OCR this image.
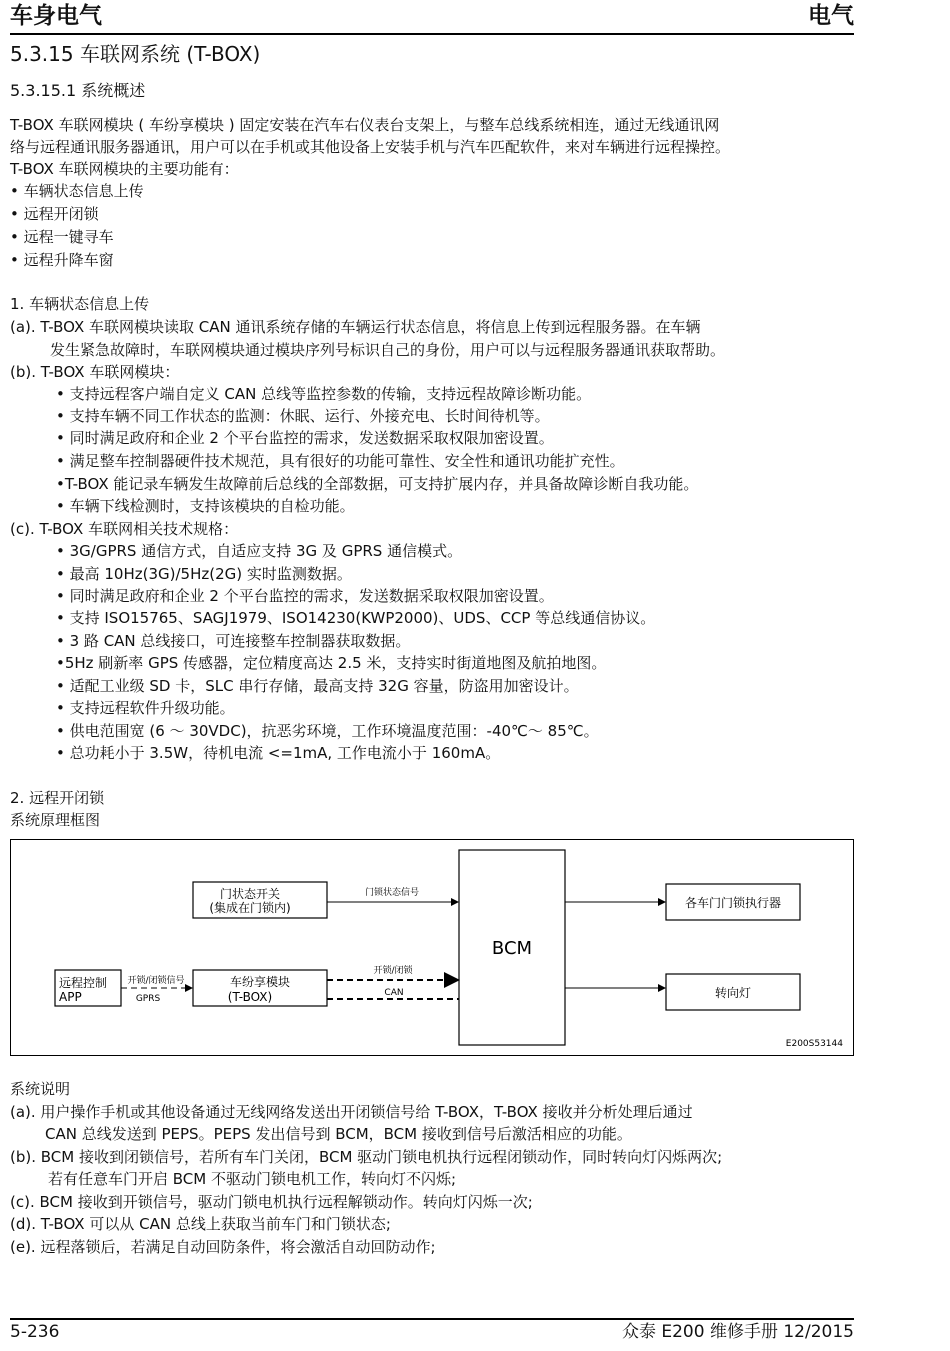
车身电气	电气
5.3.15 车联网系统 (T-BOX)
5.3.15.1 系统概述
T-BOX 车联网模块 ( 车纷享模块 ) 固定安装在汽车右仪表台支架上，与整车总线系统相连，通过无线通讯网
络与远程通讯服务器通讯，用户可以在手机或其他设备上安装手机与汽车匹配软件，来对车辆进行远程操控。
T-BOX 车联网模块的主要功能有：
• 车辆状态信息上传
• 远程开闭锁
• 远程一键寻车
• 远程升降车窗
1. 车辆状态信息上传
(a). T-BOX 车联网模块读取 CAN 通讯系统存储的车辆运行状态信息，将信息上传到远程服务器。在车辆
发生紧急故障时，车联网模块通过模块序列号标识自己的身份，用户可以与远程服务器通讯获取帮助。
(b). T-BOX 车联网模块：
• 支持远程客户端自定义 CAN 总线等监控参数的传输，支持远程故障诊断功能。
• 支持车辆不同工作状态的监测：休眠、运行、外接充电、长时间待机等。
• 同时满足政府和企业 2 个平台监控的需求，发送数据采取权限加密设置。
• 满足整车控制器硬件技术规范，具有很好的功能可靠性、安全性和通讯功能扩充性。
•T-BOX 能记录车辆发生故障前后总线的全部数据，可支持扩展内存，并具备故障诊断自我功能。
• 车辆下线检测时，支持该模块的自检功能。
(c). T-BOX 车联网相关技术规格：
• 3G/GPRS 通信方式，自适应支持 3G 及 GPRS 通信模式。
• 最高 10Hz(3G)/5Hz(2G) 实时监测数据。
• 同时满足政府和企业 2 个平台监控的需求，发送数据采取权限加密设置。
• 支持 ISO15765、SAGJ1979、ISO14230(KWP2000)、UDS、CCP 等总线通信协议。
• 3 路 CAN 总线接口，可连接整车控制器获取数据。
•5Hz 刷新率 GPS 传感器，定位精度高达 2.5 米，支持实时街道地图及航拍地图。
• 适配工业级 SD 卡，SLC 串行存储，最高支持 32G 容量，防盗用加密设计。
• 支持远程软件升级功能。
• 供电范围宽 (6 ～ 30VDC)，抗恶劣环境，工作环境温度范围：-40℃～ 85℃。
• 总功耗小于 3.5W，待机电流 <=1mA, 工作电流小于 160mA。
2. 远程开闭锁
系统原理框图
门状态开关
(集成在门锁内)
门锁状态信号
BCM
各车门门锁执行器
远程控制
APP
开锁/闭锁信号
GPRS
车纷享模块
(T-BOX)
开锁/闭锁
CAN	转向灯
E200S53144
系统说明
(a). 用户操作手机或其他设备通过无线网络发送出开闭锁信号给 T-BOX，T-BOX 接收并分析处理后通过
CAN 总线发送到 PEPS。PEPS 发出信号到 BCM，BCM 接收到信号后激活相应的功能。
(b). BCM 接收到闭锁信号，若所有车门关闭，BCM 驱动门锁电机执行远程闭锁动作，同时转向灯闪烁两次;
若有任意车门开启 BCM 不驱动门锁电机工作，转向灯不闪烁;
(c). BCM 接收到开锁信号，驱动门锁电机执行远程解锁动作。转向灯闪烁一次;
(d). T-BOX 可以从 CAN 总线上获取当前车门和门锁状态;
(e). 远程落锁后，若满足自动回防条件，将会激活自动回防动作;
5-236	众泰 E200 维修手册 12/2015
